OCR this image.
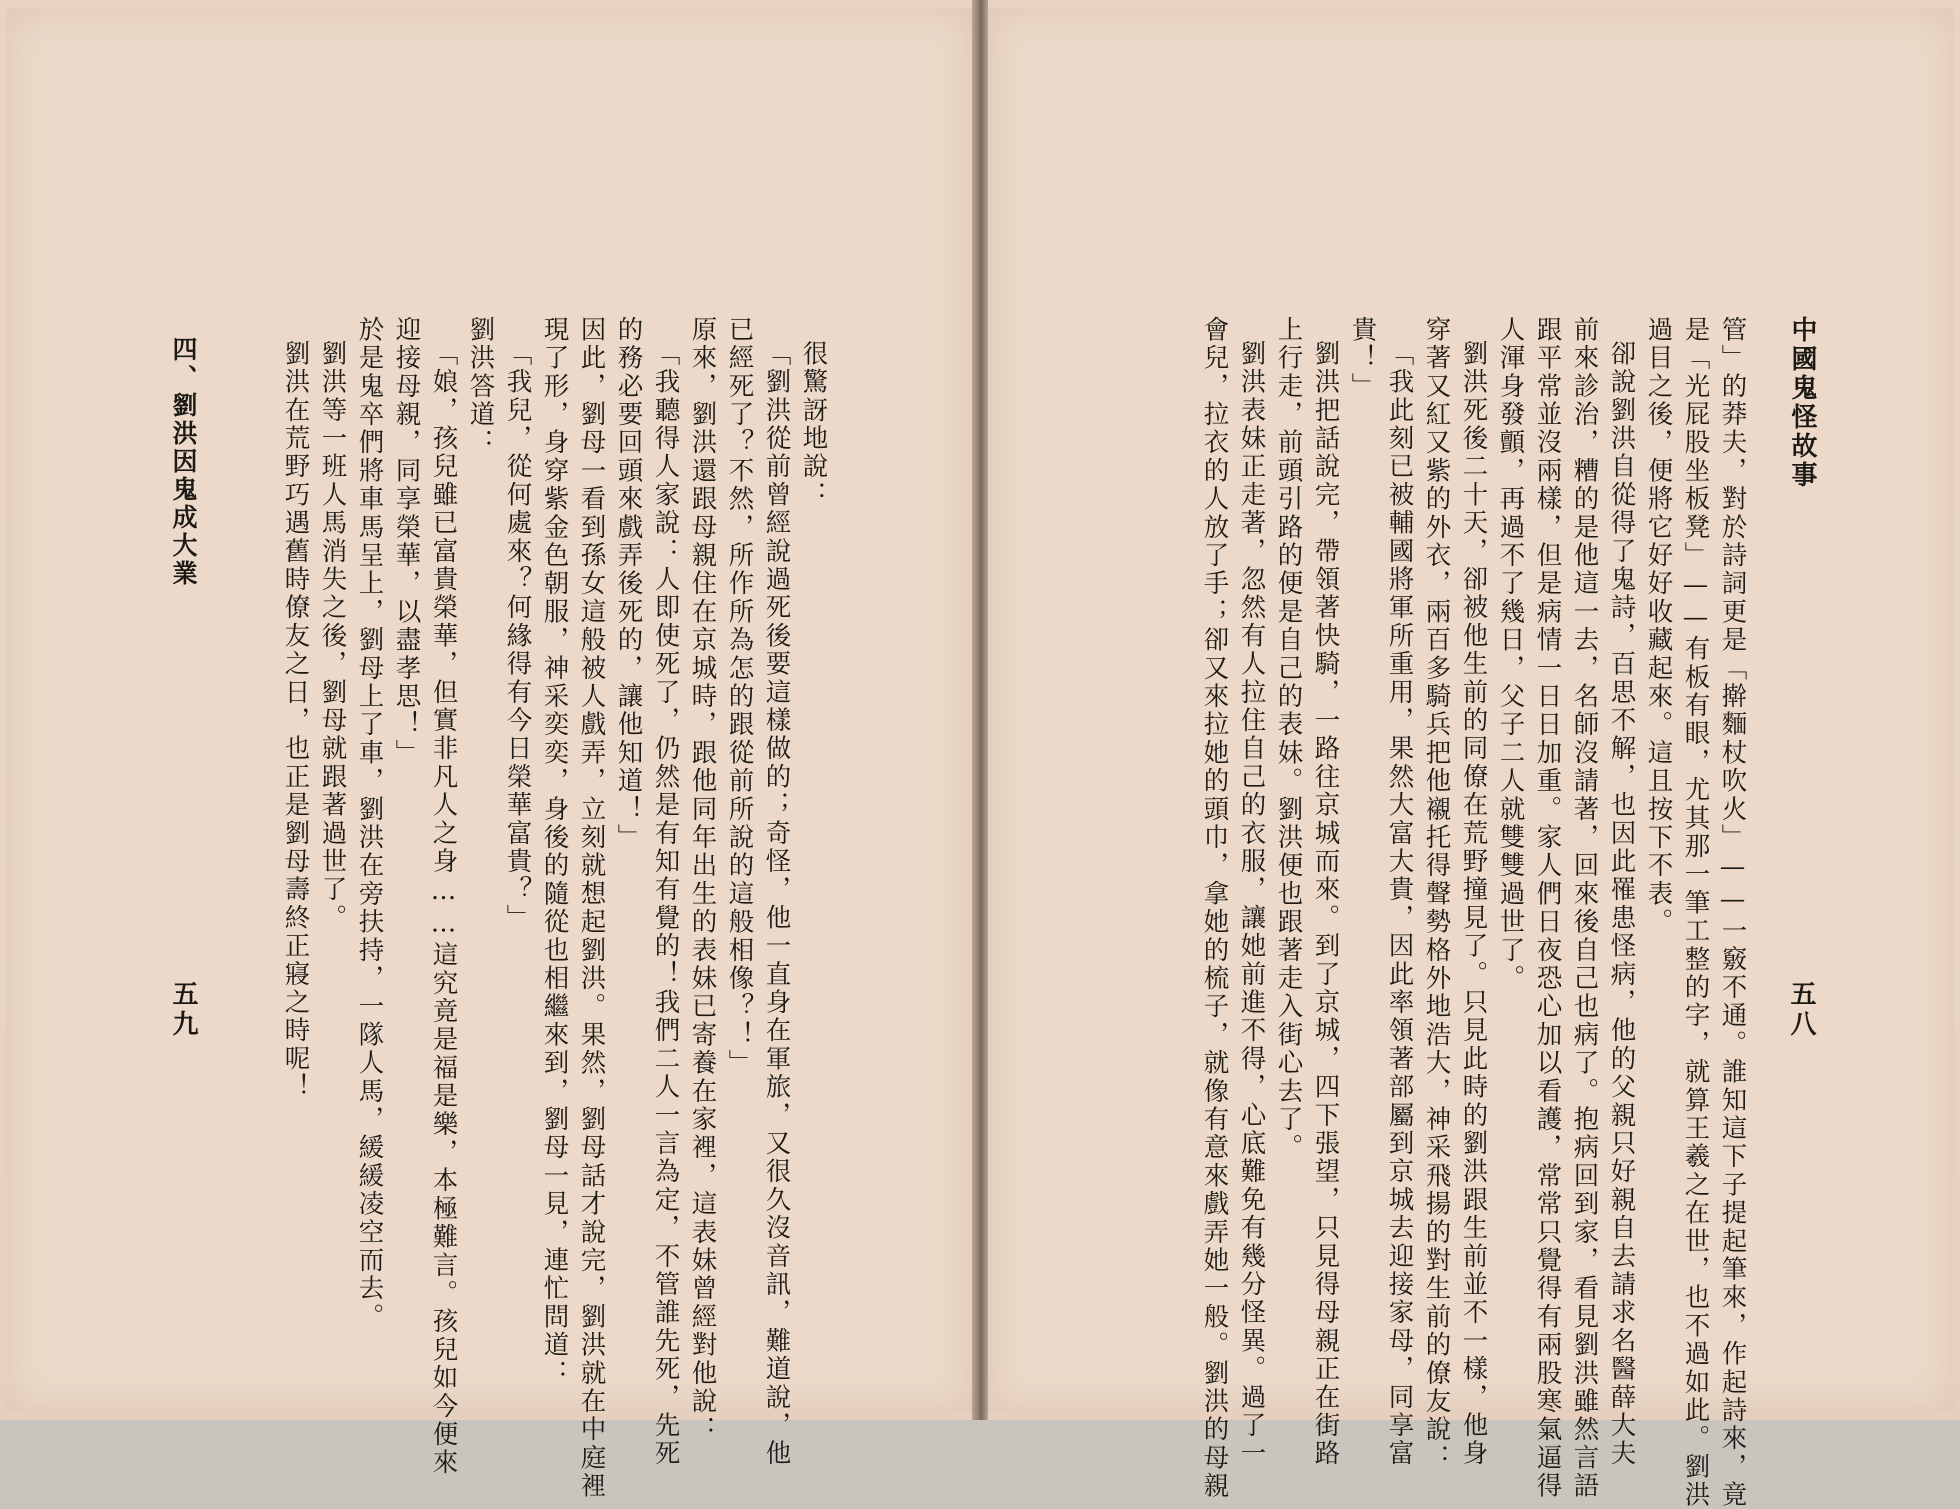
中國鬼怪故事
五八
管」的莽夫，對於詩詞更是「擀麵杖吹火」——一竅不通。誰知這下子提起筆來，作起詩來，竟
是「光屁股坐板凳」——有板有眼，尤其那一筆工整的字，就算王羲之在世，也不過如此。劉洪
過目之後，便將它好好收藏起來。這且按下不表。
卻說劉洪自從得了鬼詩，百思不解，也因此罹患怪病，他的父親只好親自去請求名醫薛大夫
前來診治，糟的是他這一去，名師沒請著，回來後自己也病了。抱病回到家，看見劉洪雖然言語
跟平常並沒兩樣，但是病情一日日加重。家人們日夜恐心加以看護，常常只覺得有兩股寒氣逼得
人渾身發顫，再過不了幾日，父子二人就雙雙過世了。
劉洪死後二十天，卻被他生前的同僚在荒野撞見了。只見此時的劉洪跟生前並不一樣，他身
穿著又紅又紫的外衣，兩百多騎兵把他襯托得聲勢格外地浩大，神采飛揚的對生前的僚友說：
「我此刻已被輔國將軍所重用，果然大富大貴，因此率領著部屬到京城去迎接家母，同享富
貴！」
劉洪把話說完，帶領著快騎，一路往京城而來。到了京城，四下張望，只見得母親正在街路
上行走，前頭引路的便是自己的表妹。劉洪便也跟著走入街心去了。
劉洪表妹正走著，忽然有人拉住自己的衣服，讓她前進不得，心底難免有幾分怪異。過了一
會兒，拉衣的人放了手；卻又來拉她的頭巾，拿她的梳子，就像有意來戲弄她一般。劉洪的母親
很驚訝地說：
「劉洪從前曾經說過死後要這樣做的；奇怪，他一直身在軍旅，又很久沒音訊，難道說，他
已經死了？不然，所作所為怎的跟從前所說的這般相像？！」
原來，劉洪還跟母親住在京城時，跟他同年出生的表妹已寄養在家裡，這表妹曾經對他說：
「我聽得人家說：人即使死了，仍然是有知有覺的！我們二人一言為定，不管誰先死，先死
的務必要回頭來戲弄後死的，讓他知道！」
因此，劉母一看到孫女這般被人戲弄，立刻就想起劉洪。果然，劉母話才說完，劉洪就在中庭裡
現了形，身穿紫金色朝服，神采奕奕，身後的隨從也相繼來到，劉母一見，連忙問道：
「我兒，從何處來？何緣得有今日榮華富貴？」
劉洪答道：
「娘，孩兒雖已富貴榮華，但實非凡人之身……這究竟是福是樂，本極難言。孩兒如今便來
迎接母親，同享榮華，以盡孝思！」
於是鬼卒們將車馬呈上，劉母上了車，劉洪在旁扶持，一隊人馬，緩緩凌空而去。
劉洪等一班人馬消失之後，劉母就跟著過世了。
劉洪在荒野巧遇舊時僚友之日，也正是劉母壽終正寢之時呢！
四、劉洪因鬼成大業
五九
